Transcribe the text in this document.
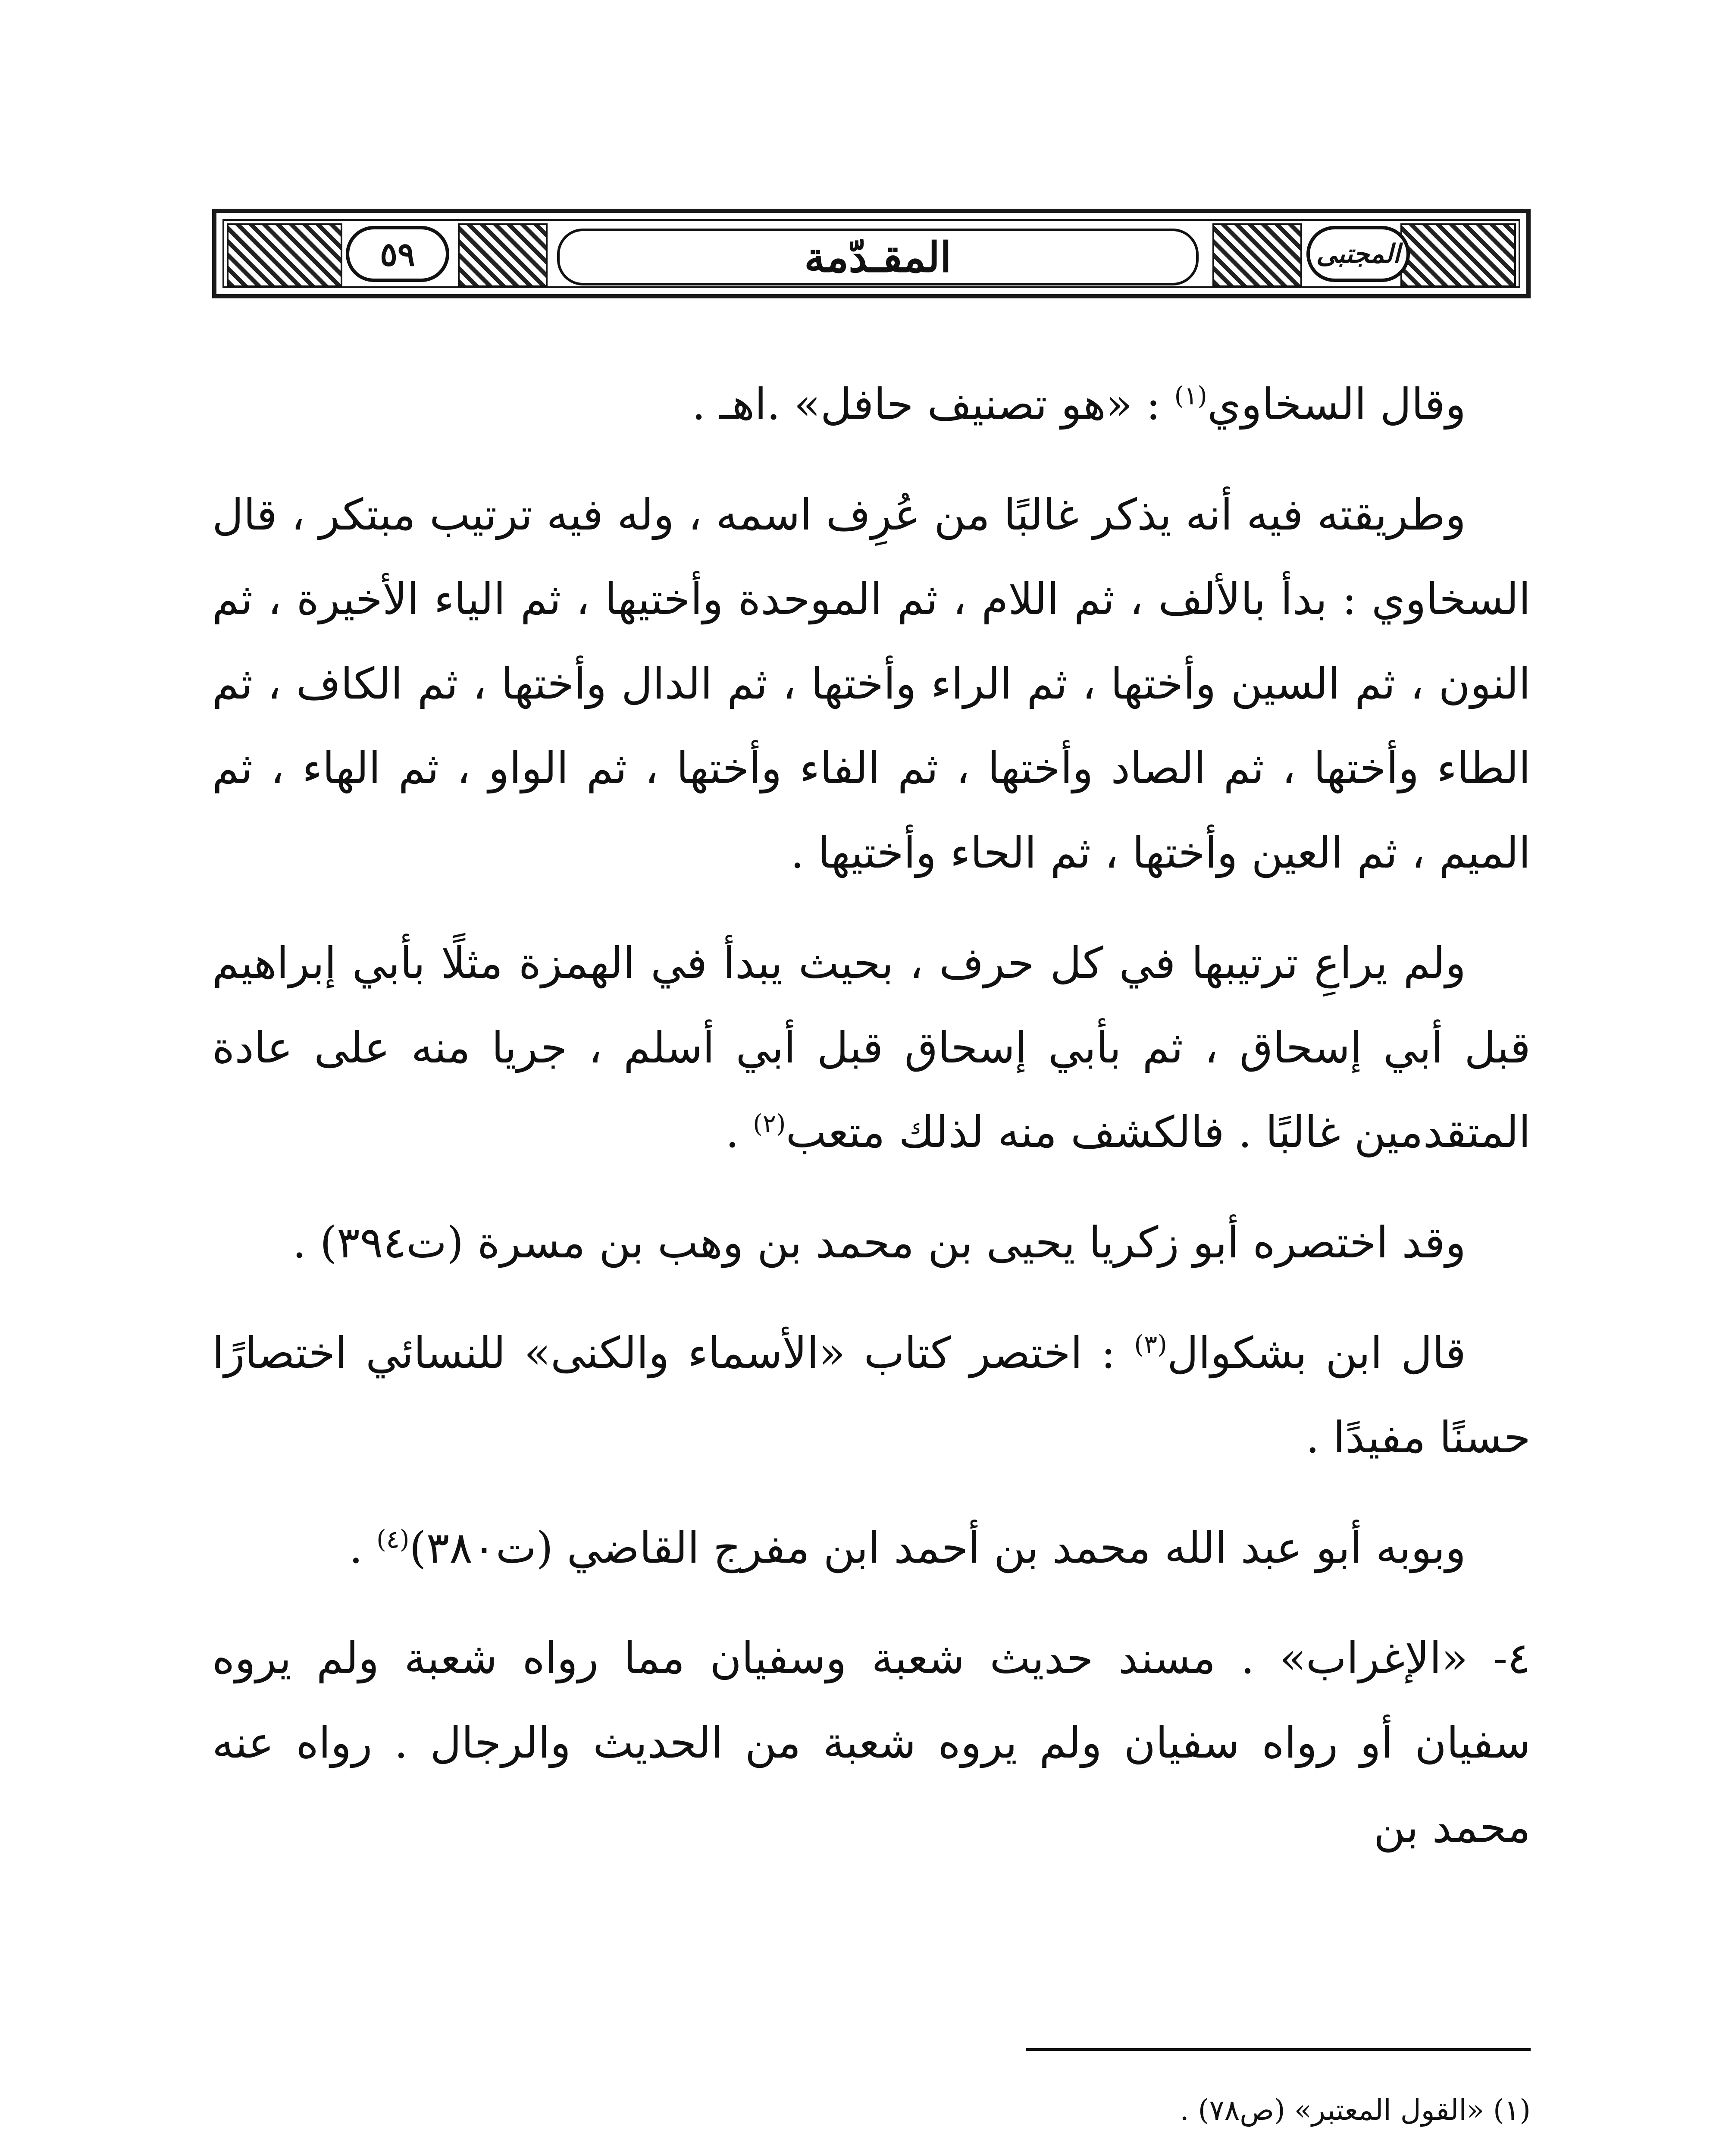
٥٩	المقـدّمة	المجتبى

وقال السخاوي$^{(١)}$ : «هو تصنيف حافل» .اهـ .

وطريقته فيه أنه يذكر غالبًا من عُرِف اسمه ، وله فيه ترتيب مبتكر ، قال السخاوي : بدأ بالألف ، ثم اللام ، ثم الموحدة وأختيها ، ثم الياء الأخيرة ، ثم النون ، ثم السين وأختها ، ثم الراء وأختها ، ثم الدال وأختها ، ثم الكاف ، ثم الطاء وأختها ، ثم الصاد وأختها ، ثم الفاء وأختها ، ثم الواو ، ثم الهاء ، ثم الميم ، ثم العين وأختها ، ثم الحاء وأختيها .

ولم يراعِ ترتيبها في كل حرف ، بحيث يبدأ في الهمزة مثلًا بأبي إبراهيم قبل أبي إسحاق ، ثم بأبي إسحاق قبل أبي أسلم ، جريا منه على عادة المتقدمين غالبًا . فالكشف منه لذلك متعب$^{(٢)}$ .

وقد اختصره أبو زكريا يحيى بن محمد بن وهب بن مسرة (ت٣٩٤) .

قال ابن بشكوال$^{(٣)}$ : اختصر كتاب «الأسماء والكنى» للنسائي اختصارًا حسنًا مفيدًا .

وبوبه أبو عبد الله محمد بن أحمد ابن مفرج القاضي (ت٣٨٠)$^{(٤)}$ .

٤- «الإغراب» . مسند حديث شعبة وسفيان مما رواه شعبة ولم يروه سفيان أو رواه سفيان ولم يروه شعبة من الحديث والرجال . رواه عنه محمد بن

(١) «القول المعتبر» (ص٧٨) .
